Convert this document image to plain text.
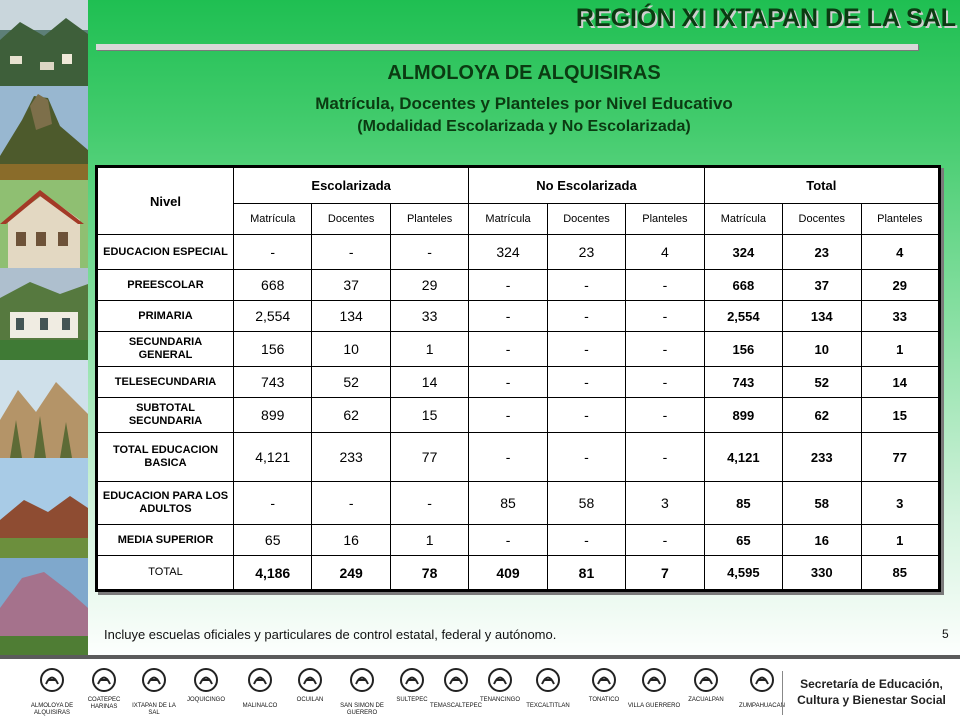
REGIÓN XI IXTAPAN DE LA SAL
ALMOLOYA DE ALQUISIRAS
Matrícula, Docentes y Planteles por Nivel Educativo
(Modalidad Escolarizada y No Escolarizada)
Nivel	Escolarizada			No Escolarizada			Total		
	Matrícula	Docentes	Planteles	Matrícula	Docentes	Planteles	Matrícula	Docentes	Planteles
EDUCACION ESPECIAL	-	-	-	324	23	4	324	23	4
PREESCOLAR	668	37	29	-	-	-	668	37	29
PRIMARIA	2,554	134	33	-	-	-	2,554	134	33
SECUNDARIA GENERAL	156	10	1	-	-	-	156	10	1
TELESECUNDARIA	743	52	14	-	-	-	743	52	14
SUBTOTAL SECUNDARIA	899	62	15	-	-	-	899	62	15
TOTAL EDUCACION BASICA	4,121	233	77	-	-	-	4,121	233	77
EDUCACION PARA LOS ADULTOS	-	-	-	85	58	3	85	58	3
MEDIA SUPERIOR	65	16	1	-	-	-	65	16	1
TOTAL	4,186	249	78	409	81	7	4,595	330	85
Incluye escuelas oficiales y particulares de control estatal, federal y autónomo.	5
ALMOLOYA DE ALQUISIRAS
COATEPEC HARINAS	IXTAPAN DE LA SAL
JOQUICINGO
MALINALCO
OCUILAN
SAN SIMON DE GUERERO
SULTEPEC
TEMASCALTEPEC
TENANCINGO
TEXCALTITLAN
TONATICO
VILLA GUERRERO
ZACUALPAN
ZUMPAHUACAN
Secretaría de Educación,
Cultura y Bienestar Social
